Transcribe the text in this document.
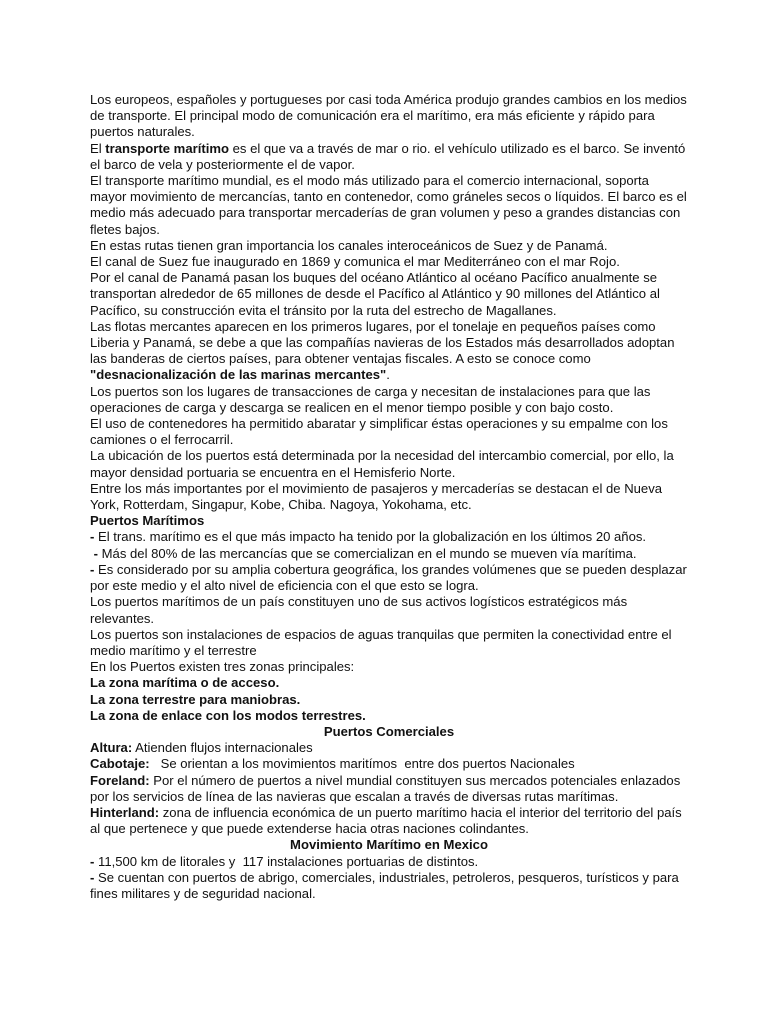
Los europeos, españoles y portugueses por casi toda América produjo grandes cambios en los medios de transporte. El principal modo de comunicación era el marítimo, era más eficiente y rápido para puertos naturales.

El transporte marítimo es el que va a través de mar o rio. el vehículo utilizado es el barco. Se inventó el barco de vela y posteriormente el de vapor.

El transporte marítimo mundial, es el modo más utilizado para el comercio internacional, soporta mayor movimiento de mercancías, tanto en contenedor, como gráneles secos o líquidos. El barco es el medio más adecuado para transportar mercaderías de gran volumen y peso a grandes distancias con fletes bajos.

En estas rutas tienen gran importancia los canales interoceánicos de Suez y de Panamá.

El canal de Suez fue inaugurado en 1869 y comunica el mar Mediterráneo con el mar Rojo.

Por el canal de Panamá pasan los buques del océano Atlántico al océano Pacífico anualmente se transportan alrededor de 65 millones de desde el Pacífico al Atlántico y 90 millones del Atlántico al Pacífico, su construcción evita el tránsito por la ruta del estrecho de Magallanes.

Las flotas mercantes aparecen en los primeros lugares, por el tonelaje en pequeños países como Liberia y Panamá, se debe a que las compañías navieras de los Estados más desarrollados adoptan las banderas de ciertos países, para obtener ventajas fiscales. A esto se conoce como "desnacionalización de las marinas mercantes".

Los puertos son los lugares de transacciones de carga y necesitan de instalaciones para que las operaciones de carga y descarga se realicen en el menor tiempo posible y con bajo costo.

El uso de contenedores ha permitido abaratar y simplificar éstas operaciones y su empalme con los camiones o el ferrocarril.

La ubicación de los puertos está determinada por la necesidad del intercambio comercial, por ello, la mayor densidad portuaria se encuentra en el Hemisferio Norte.

Entre los más importantes por el movimiento de pasajeros y mercaderías se destacan el de Nueva York, Rotterdam, Singapur, Kobe, Chiba. Nagoya, Yokohama, etc.

Puertos Marítimos

- El trans. marítimo es el que más impacto ha tenido por la globalización en los últimos 20 años.

- Más del 80% de las mercancías que se comercializan en el mundo se mueven vía marítima.

- Es considerado por su amplia cobertura geográfica, los grandes volúmenes que se pueden desplazar por este medio y el alto nivel de eficiencia con el que esto se logra.

Los puertos marítimos de un país constituyen uno de sus activos logísticos estratégicos más relevantes.

Los puertos son instalaciones de espacios de aguas tranquilas que permiten la conectividad entre el medio marítimo y el terrestre

En los Puertos existen tres zonas principales:

La zona marítima o de acceso.

La zona terrestre para maniobras.

La zona de enlace con los modos terrestres.

Puertos Comerciales

Altura: Atienden flujos internacionales

Cabotaje:   Se orientan a los movimientos maritímos  entre dos puertos Nacionales

Foreland: Por el número de puertos a nivel mundial constituyen sus mercados potenciales enlazados por los servicios de línea de las navieras que escalan a través de diversas rutas marítimas.

Hinterland: zona de influencia económica de un puerto marítimo hacia el interior del territorio del país al que pertenece y que puede extenderse hacia otras naciones colindantes.

Movimiento Marítimo en Mexico

- 11,500 km de litorales y  117 instalaciones portuarias de distintos.

- Se cuentan con puertos de abrigo, comerciales, industriales, petroleros, pesqueros, turísticos y para fines militares y de seguridad nacional.
